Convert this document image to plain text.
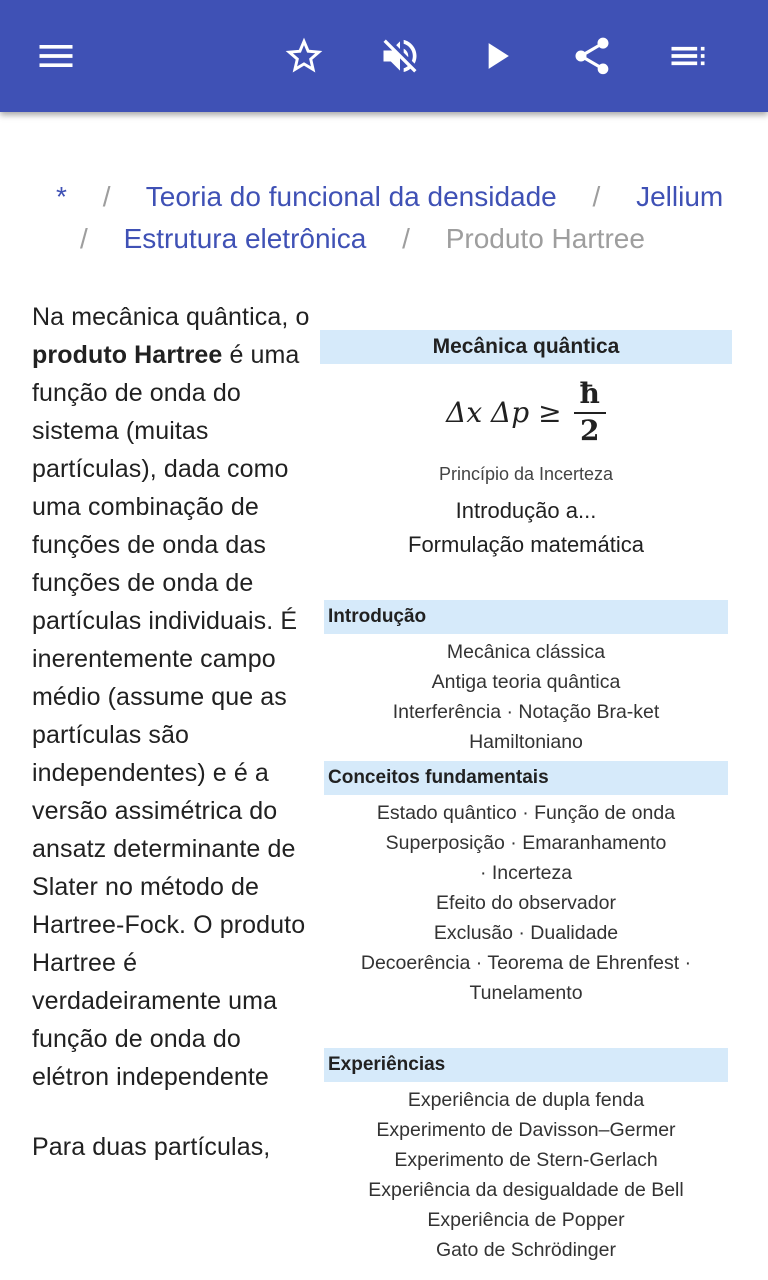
* / Teoria do funcional da densidade / Jellium
/ Estrutura eletrônica / Produto Hartree

Na mecânica quântica, o produto Hartree é uma função de onda do sistema (muitas partículas), dada como uma combinação de funções de onda das funções de onda de partículas individuais. É inerentemente campo médio (assume que as partículas são independentes) e é a versão assimétrica do ansatz determinante de Slater no método de Hartree-Fock. O produto Hartree é verdadeiramente uma função de onda do elétron independente

Para duas partículas,

Mecânica quântica
Δx $\Delta p \ge \frac{ħ}{2}$
Princípio da Incerteza
Introdução a...
Formulação matemática
Introdução
Mecânica clássica
Antiga teoria quântica
Interferência · Notação Bra-ket
Hamiltoniano
Conceitos fundamentais
Estado quântico · Função de onda
Superposição · Emaranhamento
· Incerteza
Efeito do observador
Exclusão · Dualidade
Decoerência · Teorema de Ehrenfest ·
Tunelamento
Experiências
Experiência de dupla fenda
Experimento de Davisson–Germer
Experimento de Stern-Gerlach
Experiência da desigualdade de Bell
Experiência de Popper
Gato de Schrödinger
